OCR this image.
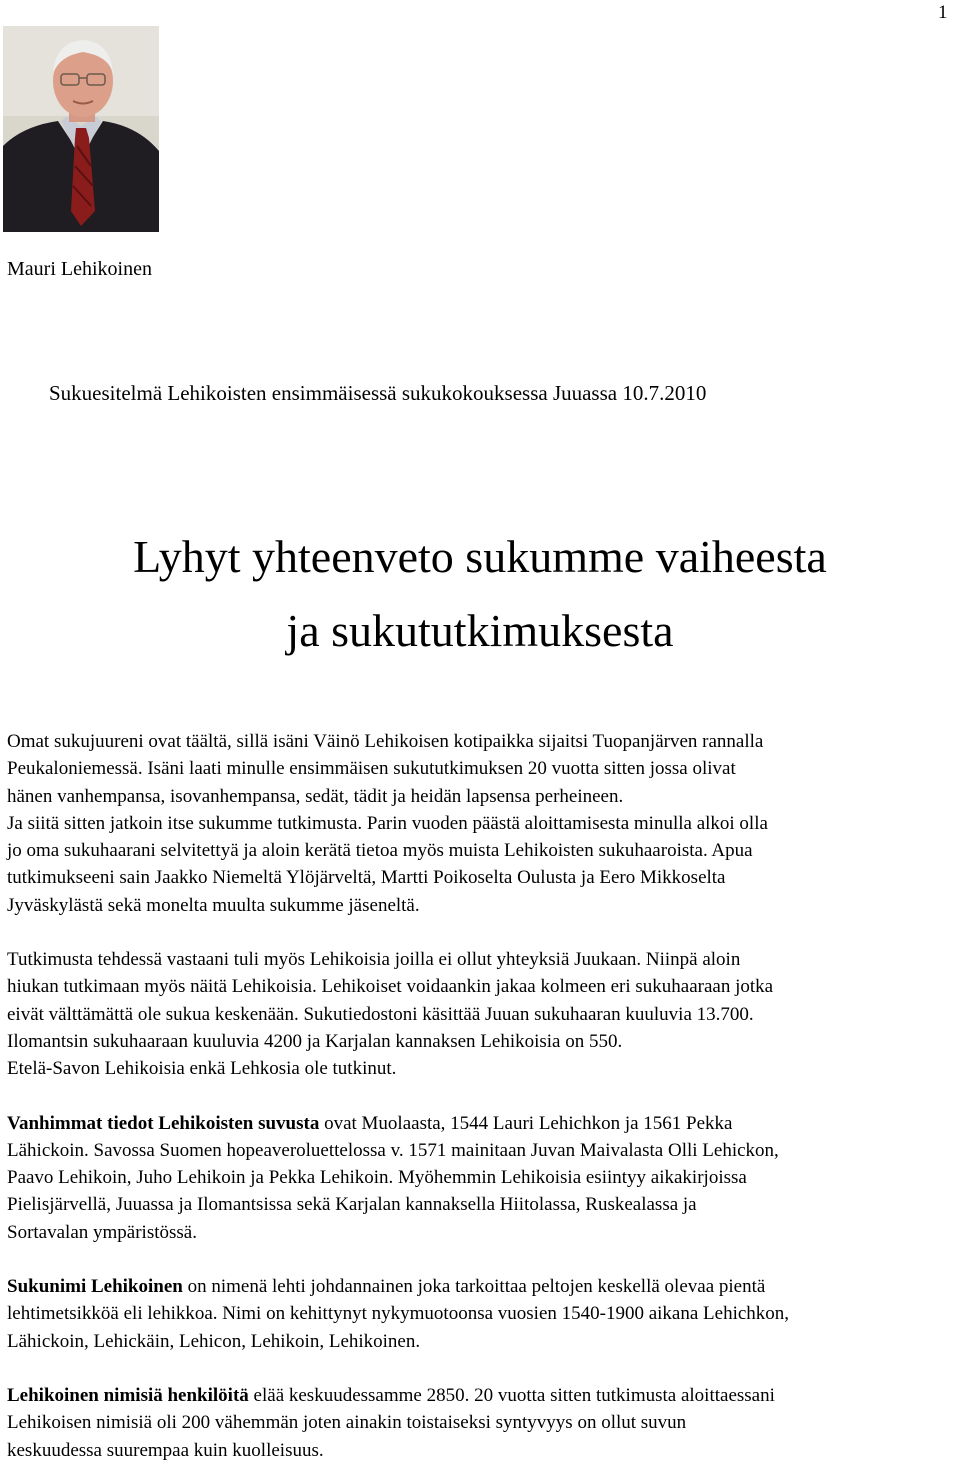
1
Mauri Lehikoinen
Sukuesitelmä Lehikoisten ensimmäisessä sukukokouksessa Juuassa 10.7.2010
Lyhyt yhteenveto sukumme vaiheesta
ja sukututkimuksesta

Omat sukujuureni ovat täältä, sillä isäni Väinö Lehikoisen kotipaikka sijaitsi Tuopanjärven rannalla
Peukaloniemessä. Isäni laati minulle ensimmäisen sukututkimuksen 20 vuotta sitten jossa olivat
hänen vanhempansa, isovanhempansa, sedät, tädit ja heidän lapsensa perheineen.
Ja siitä sitten jatkoin itse sukumme tutkimusta. Parin vuoden päästä aloittamisesta minulla alkoi olla
jo oma sukuhaarani selvitettyä ja aloin kerätä tietoa myös muista Lehikoisten sukuhaaroista. Apua
tutkimukseeni sain Jaakko Niemeltä Ylöjärveltä, Martti Poikoselta Oulusta ja Eero Mikkoselta
Jyväskylästä sekä monelta muulta sukumme jäseneltä.

Tutkimusta tehdessä vastaani tuli myös Lehikoisia joilla ei ollut yhteyksiä Juukaan. Niinpä aloin
hiukan tutkimaan myös näitä Lehikoisia. Lehikoiset voidaankin jakaa kolmeen eri sukuhaaraan jotka
eivät välttämättä ole sukua keskenään. Sukutiedostoni käsittää Juuan sukuhaaran kuuluvia 13.700.
Ilomantsin sukuhaaraan kuuluvia 4200 ja Karjalan kannaksen Lehikoisia on 550.
Etelä-Savon Lehikoisia enkä Lehkosia ole tutkinut.

Vanhimmat tiedot Lehikoisten suvusta ovat Muolaasta, 1544 Lauri Lehichkon ja 1561 Pekka
Lähickoin. Savossa Suomen hopeaveroluettelossa v. 1571 mainitaan Juvan Maivalasta Olli Lehickon,
Paavo Lehikoin, Juho Lehikoin ja Pekka Lehikoin. Myöhemmin Lehikoisia esiintyy aikakirjoissa
Pielisjärvellä, Juuassa ja Ilomantsissa sekä Karjalan kannaksella Hiitolassa, Ruskealassa ja
Sortavalan ympäristössä.

Sukunimi Lehikoinen on nimenä lehti johdannainen joka tarkoittaa peltojen keskellä olevaa pientä
lehtimetsikköä eli lehikkoa. Nimi on kehittynyt nykymuotoonsa vuosien 1540-1900 aikana Lehichkon,
Lähickoin, Lehickäin, Lehicon, Lehikoin, Lehikoinen.

Lehikoinen nimisiä henkilöitä elää keskuudessamme 2850. 20 vuotta sitten tutkimusta aloittaessani
Lehikoisen nimisiä oli 200 vähemmän joten ainakin toistaiseksi syntyvyys on ollut suvun
keskuudessa suurempaa kuin kuolleisuus.
